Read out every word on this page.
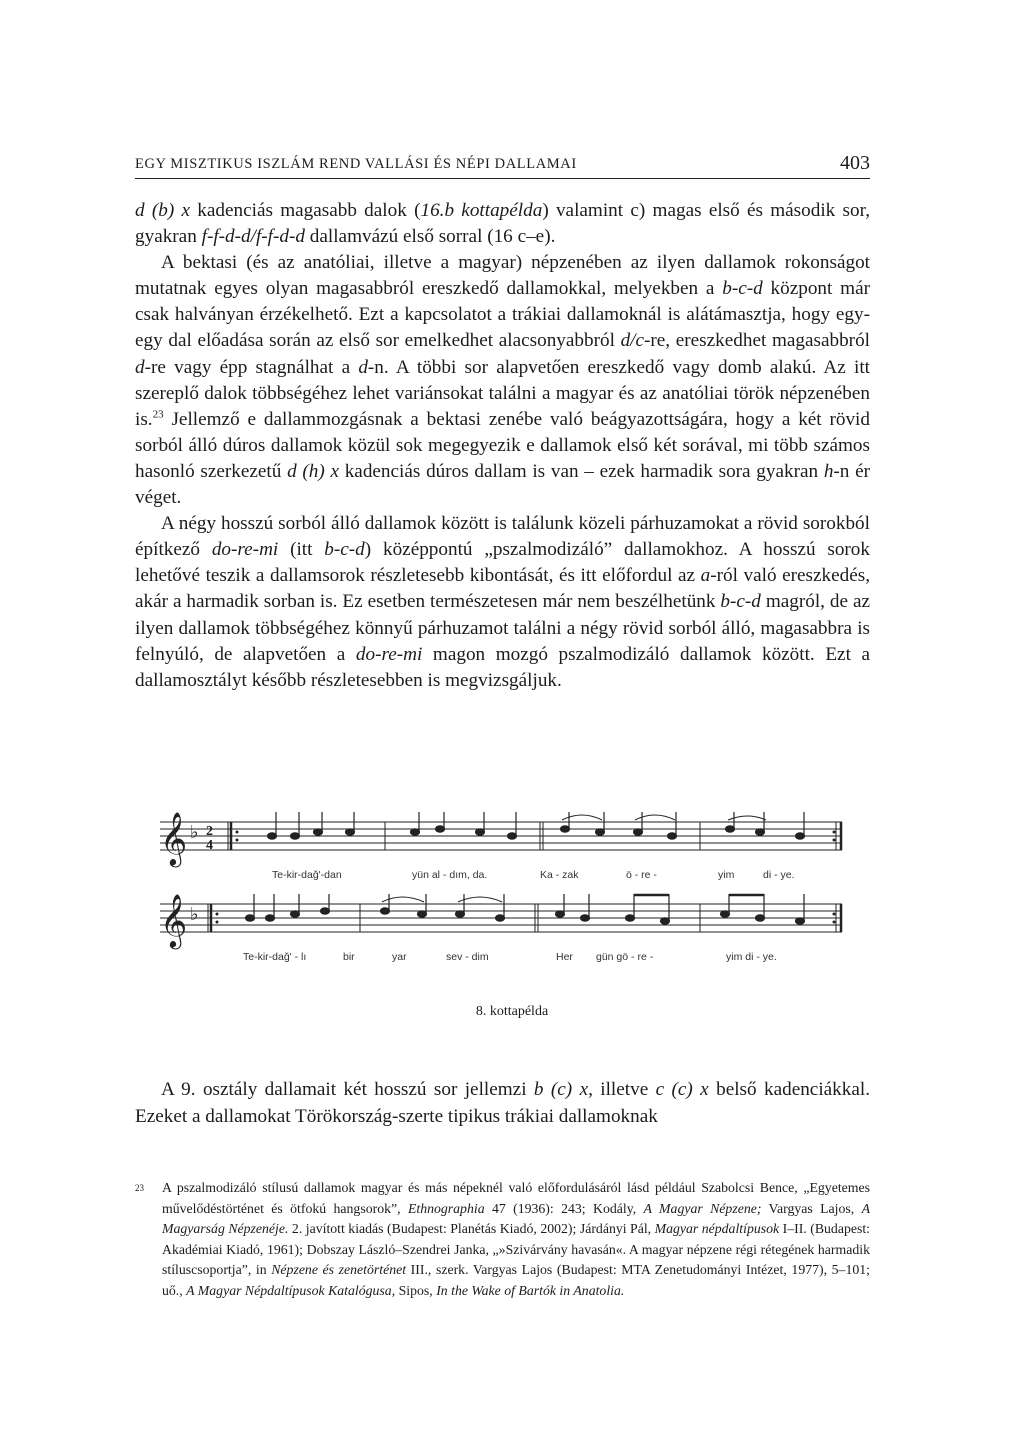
EGY MISZTIKUS ISZLÁM REND VALLÁSI ÉS NÉPI DALLAMAI	403

d (b) x kadenciás magasabb dalok (16.b kottapélda) valamint c) magas első és második sor, gyakran f-f-d-d/f-f-d-d dallamvázú első sorral (16 c–e).

A bektasi (és az anatóliai, illetve a magyar) népzenében az ilyen dallamok rokonságot mutatnak egyes olyan magasabbról ereszkedő dallamokkal, melyekben a b-c-d központ már csak halványan érzékelhető. Ezt a kapcsolatot a trákiai dallamoknál is alátámasztja, hogy egy-egy dal előadása során az első sor emelkedhet alacsonyabbról d/c-re, ereszkedhet magasabbról d-re vagy épp stagnálhat a d-n. A többi sor alapvetően ereszkedő vagy domb alakú. Az itt szereplő dalok többségéhez lehet variánsokat találni a magyar és az anatóliai török népzenében is.$^{23}$ Jellemző e dallammozgásnak a bektasi zenébe való beágyazottságára, hogy a két rövid sorból álló dúros dallamok közül sok megegyezik e dallamok első két sorával, mi több számos hasonló szerkezetű d (h) x kadenciás dúros dallam is van – ezek harmadik sora gyakran h-n ér véget.

A négy hosszú sorból álló dallamok között is találunk közeli párhuzamokat a rövid sorokból építkező do-re-mi (itt b-c-d) középpontú „pszalmodizáló” dallamokhoz. A hosszú sorok lehetővé teszik a dallamsorok részletesebb kibontását, és itt előfordul az a-ról való ereszkedés, akár a harmadik sorban is. Ez esetben természetesen már nem beszélhetünk b-c-d magról, de az ilyen dallamok többségéhez könnyű párhuzamot találni a négy rövid sorból álló, magasabbra is felnyúló, de alapvetően a do-re-mi magon mozgó pszalmodizáló dallamok között. Ezt a dallamosztályt később részletesebben is megvizsgáljuk.

𝄞 ♭ 2
4
Te-kir-dağ'-dan	yün al - dım, da.	Ka - zak	ö - re -	yim	di - ye.
𝄞 ♭
Te-kir-dağ' - lı	bir	yar	sev - dim	Her gün gö - re -	yim di - ye.
8. kottapélda

A 9. osztály dallamait két hosszú sor jellemzi b (c) x, illetve c (c) x belső kadenciákkal. Ezeket a dallamokat Törökország-szerte tipikus trákiai dallamoknak

23 A pszalmodizáló stílusú dallamok magyar és más népeknél való előfordulásáról lásd például Szabolcsi Bence, „Egyetemes művelődéstörténet és ötfokú hangsorok”, Ethnographia 47 (1936): 243; Kodály, A Magyar Népzene; Vargyas Lajos, A Magyarság Népzenéje. 2. javított kiadás (Budapest: Planétás Kiadó, 2002); Járdányi Pál, Magyar népdaltípusok I–II. (Budapest: Akadémiai Kiadó, 1961); Dobszay László–Szendrei Janka, „»Szivárvány havasán«. A magyar népzene régi rétegének harmadik stíluscsoportja”, in Népzene és zenetörténet III., szerk. Vargyas Lajos (Budapest: MTA Zenetudományi Intézet, 1977), 5–101; uő., A Magyar Népdaltípusok Katalógusa, Sipos, In the Wake of Bartók in Anatolia.
